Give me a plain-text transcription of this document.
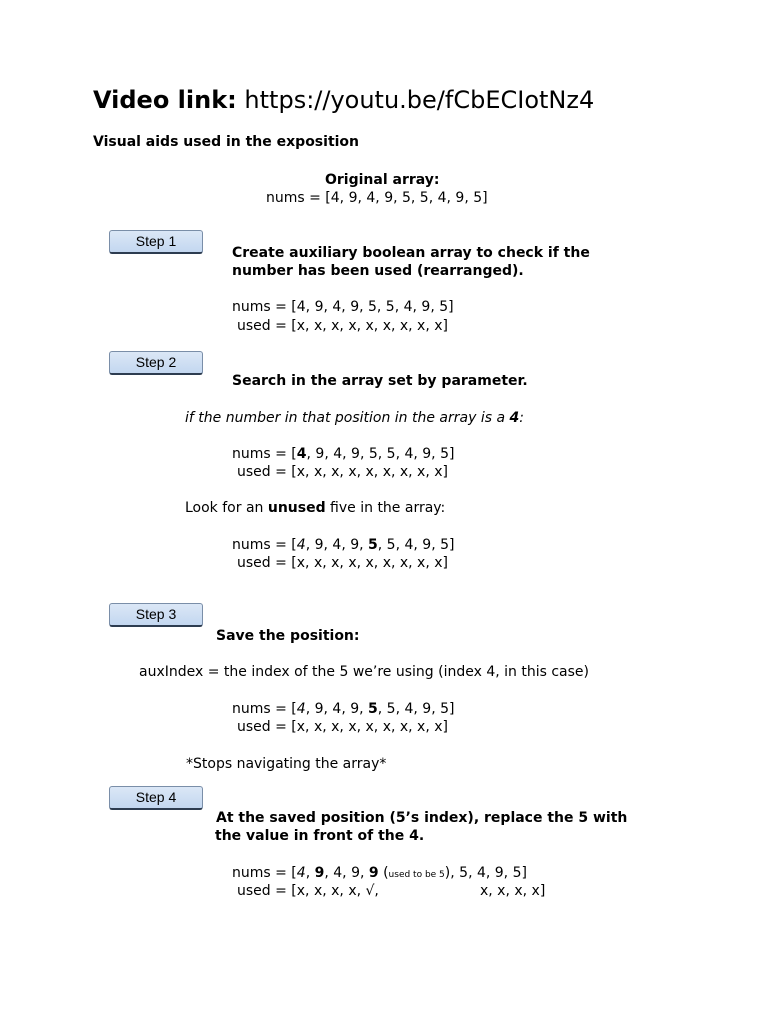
Video link: https://youtu.be/fCbECIotNz4
Visual aids used in the exposition
Original array:
nums = [4, 9, 4, 9, 5, 5, 4, 9, 5]
Step 1
Create auxiliary boolean array to check if the
number has been used (rearranged).
nums = [4, 9, 4, 9, 5, 5, 4, 9, 5]
used = [x, x, x, x, x, x, x, x, x]
Step 2
Search in the array set by parameter.
if the number in that position in the array is a 4:
nums = [4, 9, 4, 9, 5, 5, 4, 9, 5]
used = [x, x, x, x, x, x, x, x, x]
Look for an unused five in the array:
nums = [4, 9, 4, 9, 5, 5, 4, 9, 5]
used = [x, x, x, x, x, x, x, x, x]
Step 3
Save the position:
auxIndex = the index of the 5 we’re using (index 4, in this case)
nums = [4, 9, 4, 9, 5, 5, 4, 9, 5]
used = [x, x, x, x, x, x, x, x, x]
*Stops navigating the array*
Step 4
At the saved position (5’s index), replace the 5 with
the value in front of the 4.
nums = [4, 9, 4, 9, 9 (used to be 5), 5, 4, 9, 5]
used = [x, x, x, x, √,	x, x, x, x]
